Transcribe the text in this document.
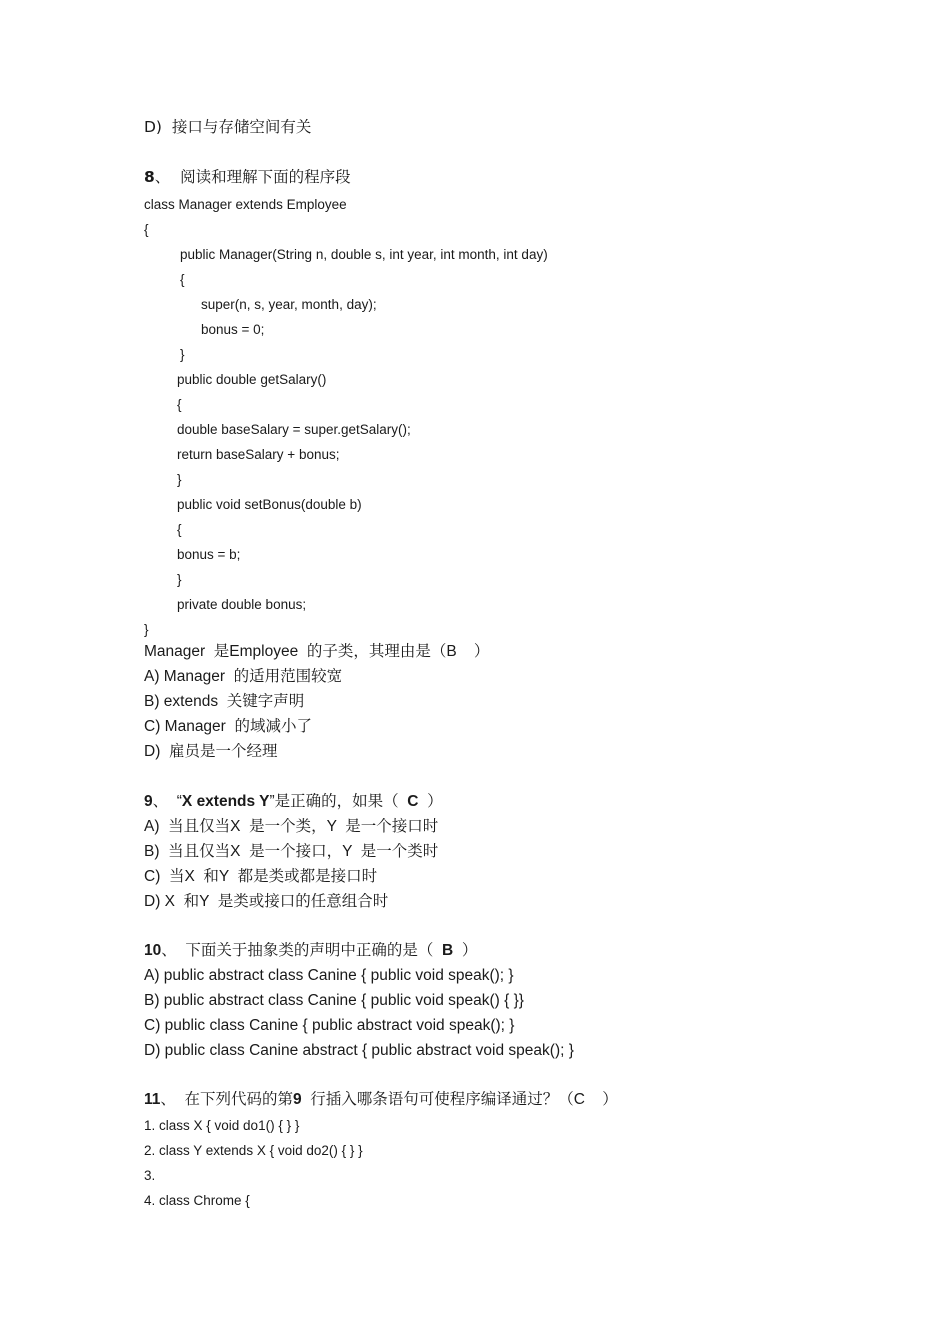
D)  接口与存储空间有关
8、  阅读和理解下面的程序段
class Manager extends Employee
{
public Manager(String n, double s, int year, int month, int day)
{
super(n, s, year, month, day);
bonus = 0;
}
public double getSalary()
{
double baseSalary = super.getSalary();
return baseSalary + bonus;
}
public void setBonus(double b)
{
bonus = b;
}
private double bonus;
}
Manager  是Employee  的子类，其理由是（B    ）
A) Manager  的适用范围较宽
B) extends  关键字声明
C) Manager  的域减小了
D)  雇员是一个经理
9、  “X extends Y”是正确的，如果（  C  ）
A)  当且仅当X  是一个类，Y  是一个接口时
B)  当且仅当X  是一个接口，Y  是一个类时
C)  当X  和Y  都是类或都是接口时
D) X  和Y  是类或接口的任意组合时
10、  下面关于抽象类的声明中正确的是（  B  ）
A) public abstract class Canine { public void speak(); }
B) public abstract class Canine { public void speak() { }}
C) public class Canine { public abstract void speak(); }
D) public class Canine abstract { public abstract void speak(); }
11、  在下列代码的第9  行插入哪条语句可使程序编译通过？（C    ）
1. class X { void do1() { } }
2. class Y extends X { void do2() { } }
3.
4. class Chrome {
